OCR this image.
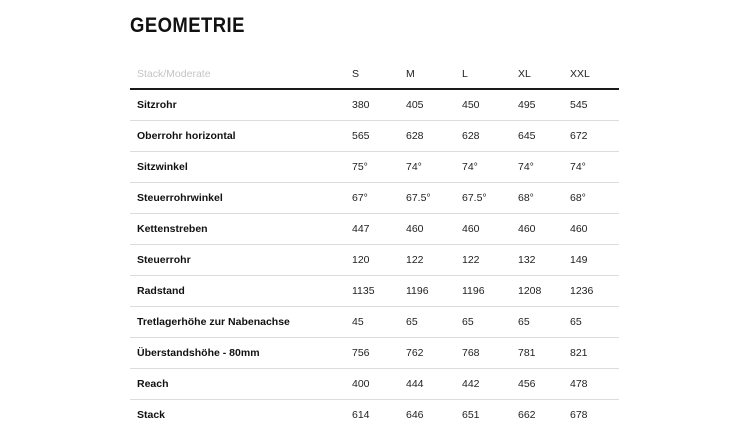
GEOMETRIE
Stack/Moderate	S	M	L	XL	XXL
Sitzrohr	380	405	450	495	545
Oberrohr horizontal	565	628	628	645	672
Sitzwinkel	75°	74°	74°	74°	74°
Steuerrohrwinkel	67°	67.5°	67.5°	68°	68°
Kettenstreben	447	460	460	460	460
Steuerrohr	120	122	122	132	149
Radstand	1135	1196	1196	1208	1236
Tretlagerhöhe zur Nabenachse	45	65	65	65	65
Überstandshöhe - 80mm	756	762	768	781	821
Reach	400	444	442	456	478
Stack	614	646	651	662	678
